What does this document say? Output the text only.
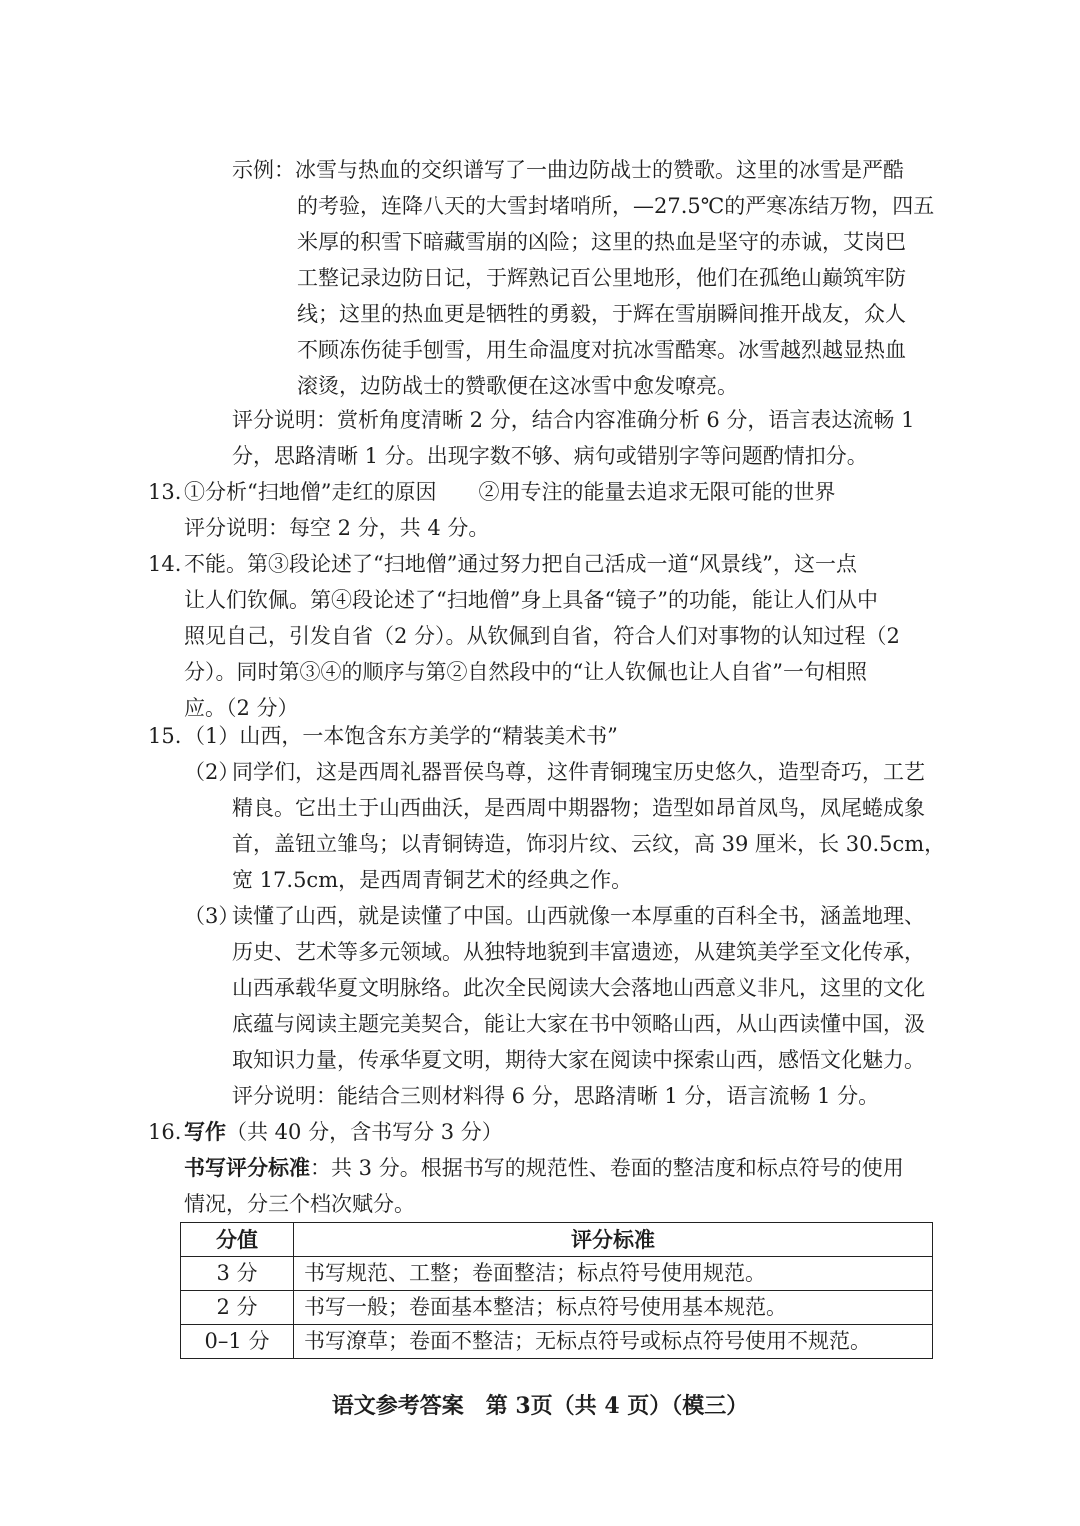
示例：冰雪与热血的交织谱写了一曲边防战士的赞歌。这里的冰雪是严酷
的考验，连降八天的大雪封堵哨所，—27.5℃的严寒冻结万物，四五
米厚的积雪下暗藏雪崩的凶险；这里的热血是坚守的赤诚，艾岗巴
工整记录边防日记，于辉熟记百公里地形，他们在孤绝山巅筑牢防
线；这里的热血更是牺牲的勇毅，于辉在雪崩瞬间推开战友，众人
不顾冻伤徒手刨雪，用生命温度对抗冰雪酷寒。冰雪越烈越显热血
滚烫，边防战士的赞歌便在这冰雪中愈发嘹亮。
评分说明：赏析角度清晰 2 分，结合内容准确分析 6 分，语言表达流畅 1
分，思路清晰 1 分。出现字数不够、病句或错别字等问题酌情扣分。
13. ①分析“扫地僧”走红的原因　　②用专注的能量去追求无限可能的世界
评分说明：每空 2 分，共 4 分。
14. 不能。第③段论述了“扫地僧”通过努力把自己活成一道“风景线”，这一点
让人们钦佩。第④段论述了“扫地僧”身上具备“镜子”的功能，能让人们从中
照见自己，引发自省（2 分）。从钦佩到自省，符合人们对事物的认知过程（2
分）。同时第③④的顺序与第②自然段中的“让人钦佩也让人自省”一句相照
应。（2 分）
15. （1）山西，一本饱含东方美学的“精装美术书”
（2）
同学们，这是西周礼器晋侯鸟尊，这件青铜瑰宝历史悠久，造型奇巧，工艺
精良。它出土于山西曲沃，是西周中期器物；造型如昂首凤鸟，凤尾蜷成象
首，盖钮立雏鸟；以青铜铸造，饰羽片纹、云纹，高 39 厘米，长 30.5cm，
宽 17.5cm，是西周青铜艺术的经典之作。
（3）
读懂了山西，就是读懂了中国。山西就像一本厚重的百科全书，涵盖地理、
历史、艺术等多元领域。从独特地貌到丰富遗迹，从建筑美学至文化传承，
山西承载华夏文明脉络。此次全民阅读大会落地山西意义非凡，这里的文化
底蕴与阅读主题完美契合，能让大家在书中领略山西，从山西读懂中国，汲
取知识力量，传承华夏文明，期待大家在阅读中探索山西，感悟文化魅力。
评分说明：能结合三则材料得 6 分，思路清晰 1 分，语言流畅 1 分。
16. 写作（共 40 分，含书写分 3 分）
书写评分标准：共 3 分。根据书写的规范性、卷面的整洁度和标点符号的使用
情况，分三个档次赋分。
分值	评分标准
3 分	书写规范、工整；卷面整洁；标点符号使用规范。
2 分	书写一般；卷面基本整洁；标点符号使用基本规范。
0–1 分	书写潦草；卷面不整洁；无标点符号或标点符号使用不规范。
语文参考答案　第 3页（共 4 页）（模三）
